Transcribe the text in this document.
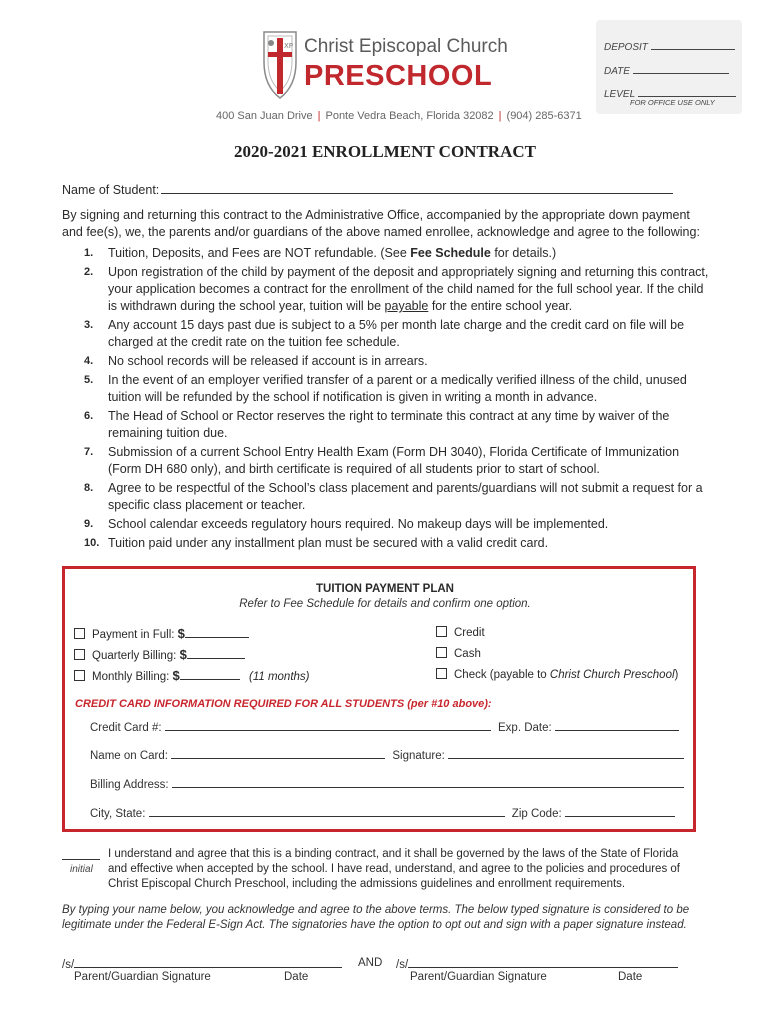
XP Christ Episcopal Church
PRESCHOOL
400 San Juan Drive | Ponte Vedra Beach, Florida 32082 | (904) 285-6371
DEPOSIT
DATE
LEVEL
FOR OFFICE USE ONLY
2020-2021 ENROLLMENT CONTRACT
Name of Student:
By signing and returning this contract to the Administrative Office, accompanied by the appropriate down payment and fee(s), we, the parents and/or guardians of the above named enrollee, acknowledge and agree to the following:
1. Tuition, Deposits, and Fees are NOT refundable. (See Fee Schedule for details.)
2. Upon registration of the child by payment of the deposit and appropriately signing and returning this contract, your application becomes a contract for the enrollment of the child named for the full school year. If the child is withdrawn during the school year, tuition will be payable for the entire school year.
3. Any account 15 days past due is subject to a 5% per month late charge and the credit card on file will be charged at the credit rate on the tuition fee schedule.
4. No school records will be released if account is in arrears.
5. In the event of an employer verified transfer of a parent or a medically verified illness of the child, unused tuition will be refunded by the school if notification is given in writing a month in advance.
6. The Head of School or Rector reserves the right to terminate this contract at any time by waiver of the remaining tuition due.
7. Submission of a current School Entry Health Exam (Form DH 3040), Florida Certificate of Immunization (Form DH 680 only), and birth certificate is required of all students prior to start of school.
8. Agree to be respectful of the School’s class placement and parents/guardians will not submit a request for a specific class placement or teacher.
9. School calendar exceeds regulatory hours required. No makeup days will be implemented.
10. Tuition paid under any installment plan must be secured with a valid credit card.
TUITION PAYMENT PLAN
Refer to Fee Schedule for details and confirm one option.
Payment in Full: $
Quarterly Billing: $
Monthly Billing: $	(11 months)
Credit
Cash
Check (payable to Christ Church Preschool)
CREDIT CARD INFORMATION REQUIRED FOR ALL STUDENTS (per #10 above):
Credit Card #:	Exp. Date:
Name on Card:	Signature:
Billing Address:
City, State:	Zip Code:
initial
I understand and agree that this is a binding contract, and it shall be governed by the laws of the State of Florida and effective when accepted by the school. I have read, understand, and agree to the policies and procedures of Christ Episcopal Church Preschool, including the admissions guidelines and enrollment requirements.
By typing your name below, you acknowledge and agree to the above terms. The below typed signature is considered to be legitimate under the Federal E-Sign Act. The signatories have the option to opt out and sign with a paper signature instead.
/s/	AND /s/
Parent/Guardian Signature	Date	Parent/Guardian Signature	Date
